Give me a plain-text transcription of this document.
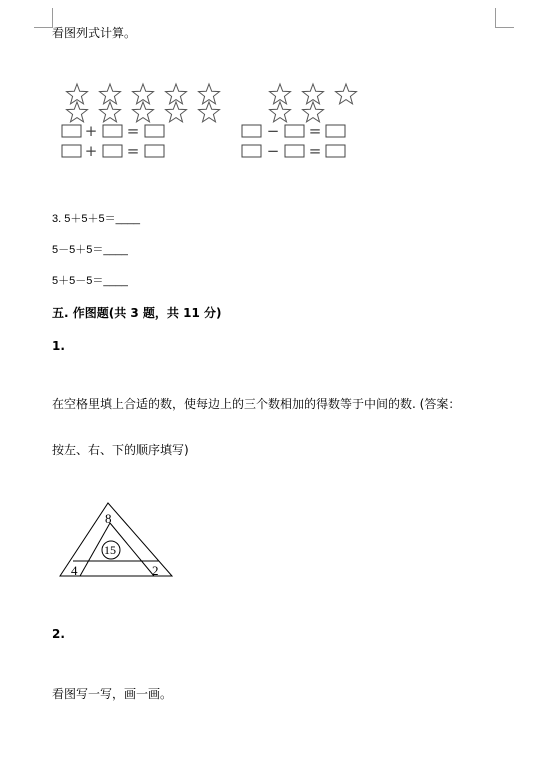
看图列式计算。
+ =
+ =
− =
− =
3. 5＋5＋5＝____
5－5＋5＝____
5＋5－5＝____
五. 作图题(共 3 题，共 11 分)
1.
在空格里填上合适的数，使每边上的三个数相加的得数等于中间的数. (答案：
按左、右、下的顺序填写)
8
15
4	2
2.
看图写一写，画一画。
